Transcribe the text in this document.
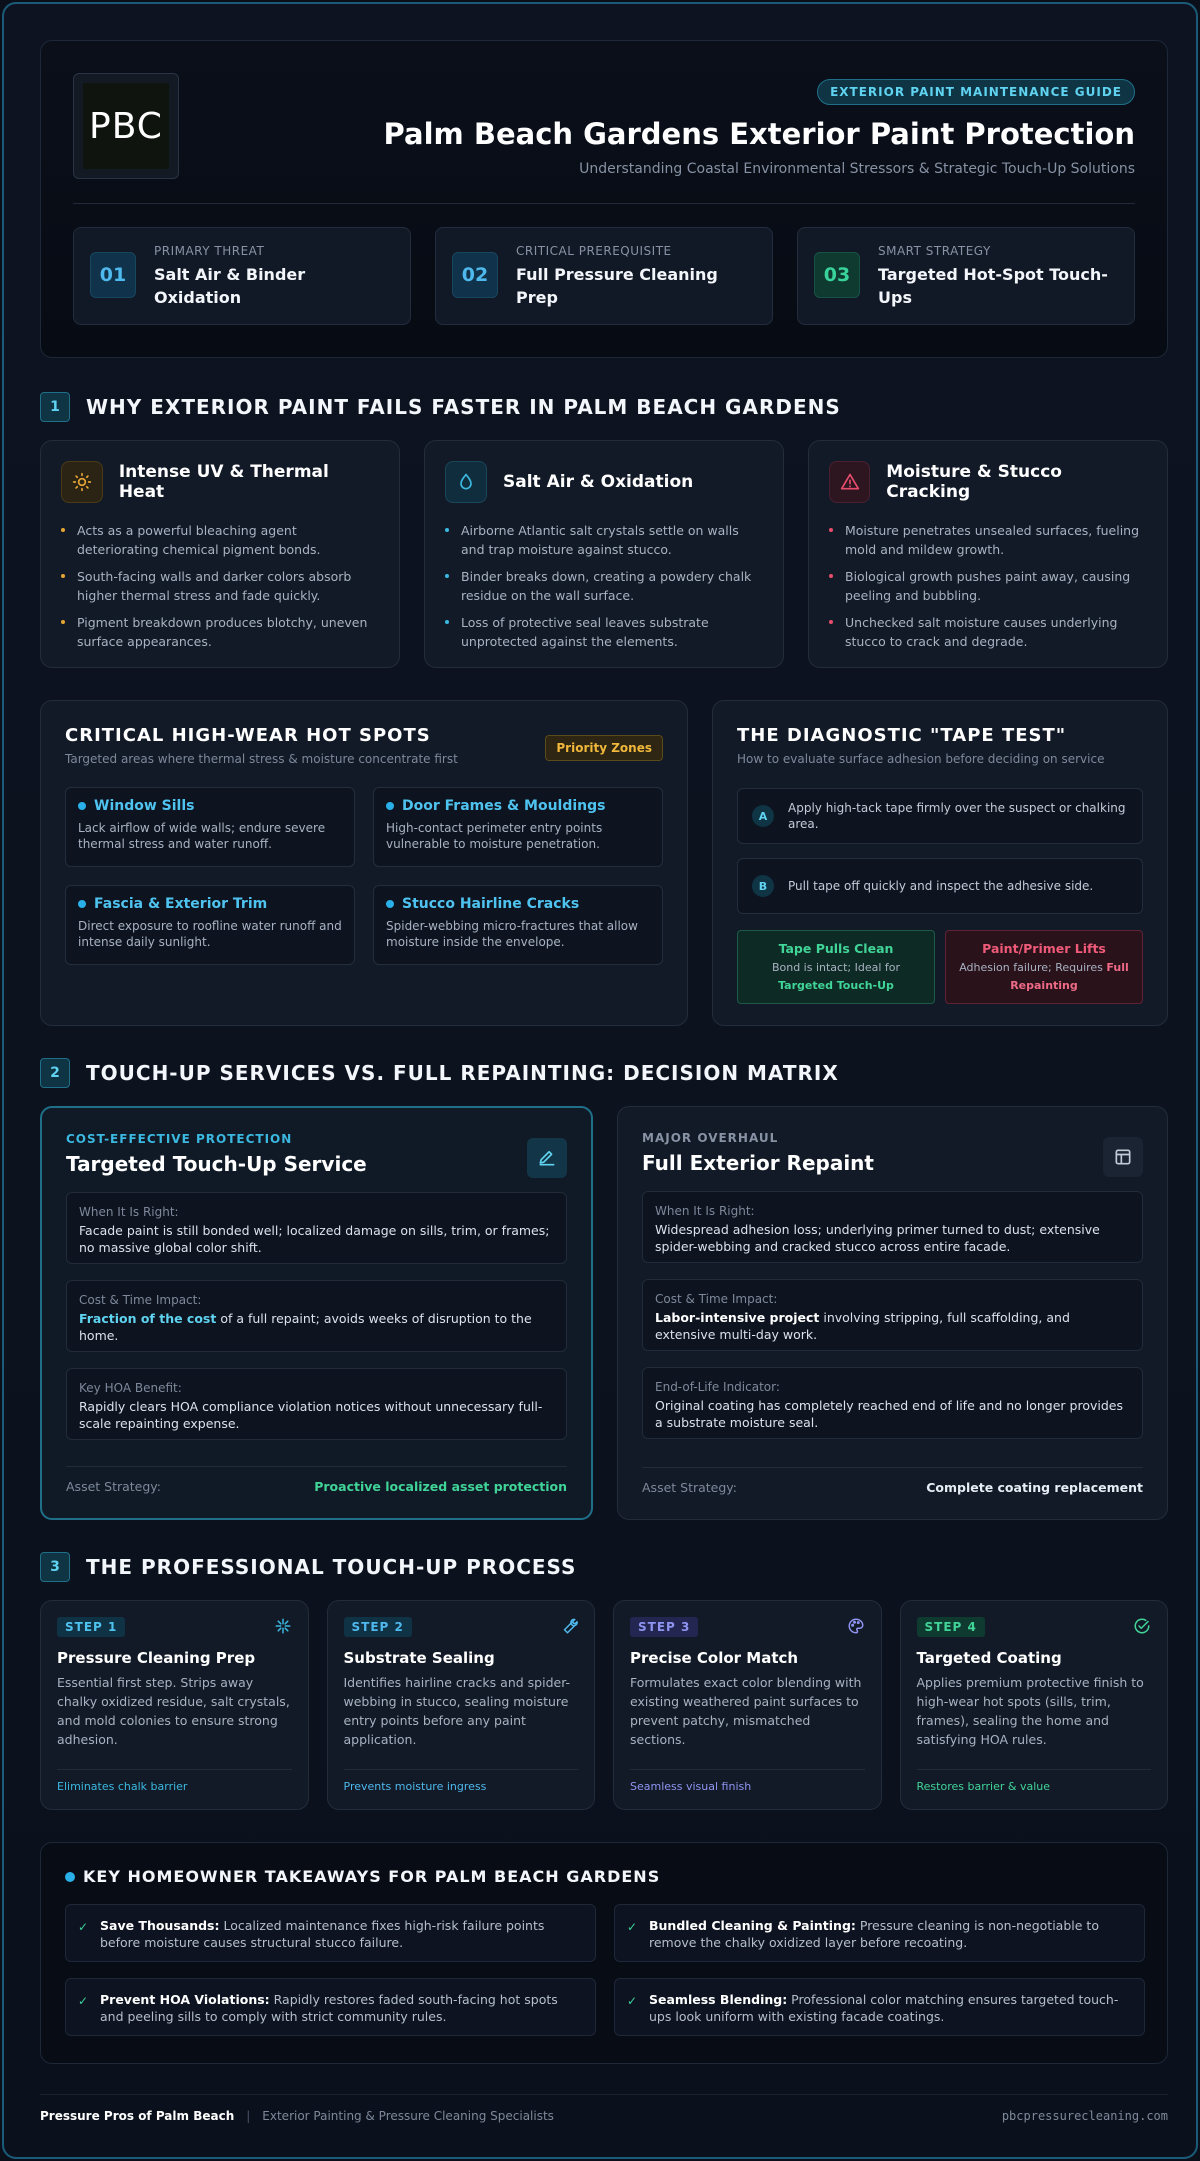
PBC
EXTERIOR PAINT MAINTENANCE GUIDE
Palm Beach Gardens Exterior Paint Protection

Understanding Coastal Environmental Stressors & Strategic Touch-Up Solutions

01
PRIMARY THREAT
Salt Air & Binder Oxidation
02
CRITICAL PREREQUISITE
Full Pressure Cleaning Prep
03
SMART STRATEGY
Targeted Hot-Spot Touch-Ups
1	WHY EXTERIOR PAINT FAILS FASTER IN PALM BEACH GARDENS
Intense UV & Thermal Heat
Acts as a powerful bleaching agent deteriorating chemical pigment bonds.
South-facing walls and darker colors absorb higher thermal stress and fade quickly.
Pigment breakdown produces blotchy, uneven surface appearances.
Salt Air & Oxidation
Airborne Atlantic salt crystals settle on walls and trap moisture against stucco.
Binder breaks down, creating a powdery chalk residue on the wall surface.
Loss of protective seal leaves substrate unprotected against the elements.
Moisture & Stucco Cracking
Moisture penetrates unsealed surfaces, fueling mold and mildew growth.
Biological growth pushes paint away, causing peeling and bubbling.
Unchecked salt moisture causes underlying stucco to crack and degrade.
CRITICAL HIGH-WEAR HOT SPOTS

Targeted areas where thermal stress & moisture concentrate first

Priority Zones
Window Sills
Lack airflow of wide walls; endure severe thermal stress and water runoff.
Door Frames & Mouldings
High-contact perimeter entry points vulnerable to moisture penetration.
Fascia & Exterior Trim
Direct exposure to roofline water runoff and intense daily sunlight.
Stucco Hairline Cracks
Spider-webbing micro-fractures that allow moisture inside the envelope.
THE DIAGNOSTIC "TAPE TEST"

How to evaluate surface adhesion before deciding on service

A

Apply high-tack tape firmly over the suspect or chalking area.

B	Pull tape off quickly and inspect the adhesive side.

Tape Pulls Clean
Bond is intact; Ideal for
Targeted Touch-Up
Paint/Primer Lifts
Adhesion failure; Requires Full Repainting
2	TOUCH-UP SERVICES VS. FULL REPAINTING: DECISION MATRIX
COST-EFFECTIVE PROTECTION
Targeted Touch-Up Service
When It Is Right:
Facade paint is still bonded well; localized damage on sills, trim, or frames; no massive global color shift.
Cost & Time Impact:
Fraction of the cost of a full repaint; avoids weeks of disruption to the home.
Key HOA Benefit:
Rapidly clears HOA compliance violation notices without unnecessary full-scale repainting expense.
Asset Strategy:	Proactive localized asset protection
MAJOR OVERHAUL
Full Exterior Repaint
When It Is Right:
Widespread adhesion loss; underlying primer turned to dust; extensive spider-webbing and cracked stucco across entire facade.
Cost & Time Impact:
Labor-intensive project involving stripping, full scaffolding, and extensive multi-day work.
End-of-Life Indicator:
Original coating has completely reached end of life and no longer provides a substrate moisture seal.
Asset Strategy:	Complete coating replacement
3	THE PROFESSIONAL TOUCH-UP PROCESS
STEP 1
Pressure Cleaning Prep

Essential first step. Strips away chalky oxidized residue, salt crystals, and mold colonies to ensure strong adhesion.

Eliminates chalk barrier
STEP 2
Substrate Sealing

Identifies hairline cracks and spider-webbing in stucco, sealing moisture entry points before any paint application.

Prevents moisture ingress
STEP 3
Precise Color Match

Formulates exact color blending with existing weathered paint surfaces to prevent patchy, mismatched sections.

Seamless visual finish
STEP 4
Targeted Coating

Applies premium protective finish to high-wear hot spots (sills, trim, frames), sealing the home and satisfying HOA rules.

Restores barrier & value
KEY HOMEOWNER TAKEAWAYS FOR PALM BEACH GARDENS
✓ Save Thousands: Localized maintenance fixes high-risk failure points before moisture causes structural stucco failure.
✓ Bundled Cleaning & Painting: Pressure cleaning is non-negotiable to remove the chalky oxidized layer before recoating.
✓ Prevent HOA Violations: Rapidly restores faded south-facing hot spots and peeling sills to comply with strict community rules.
✓ Seamless Blending: Professional color matching ensures targeted touch-ups look uniform with existing facade coatings.
Pressure Pros of Palm Beach | Exterior Painting & Pressure Cleaning Specialists	pbcpressurecleaning.com
